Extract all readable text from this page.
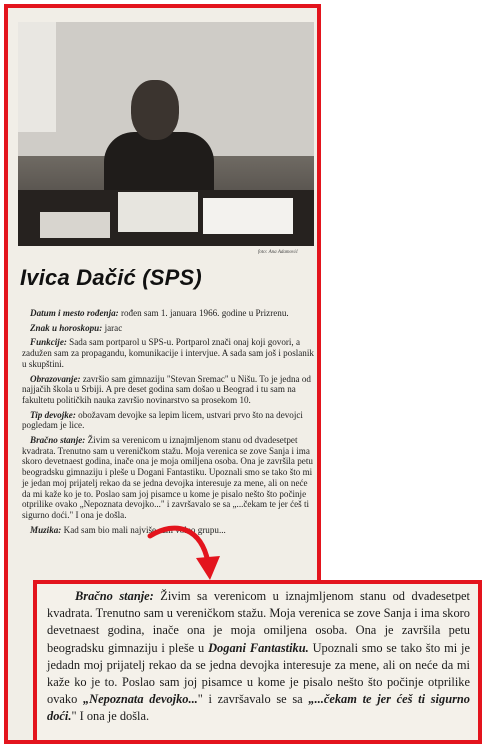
foto: Ana Adamović
Ivica Dačić (SPS)

Datum i mesto rođenja: rođen sam 1. januara 1966. godine u Prizrenu.

Znak u horoskopu: jarac

Funkcije: Sada sam portparol u SPS-u. Portparol znači onaj koji govori, a zadužen sam za propagandu, komunikacije i intervjue. A sada sam još i poslanik u skupštini.

Obrazovanje: završio sam gimnaziju "Stevan Sremac" u Nišu. To je jedna od najjačih škola u Srbiji. A pre deset godina sam došao u Beograd i tu sam na fakultetu političkih nauka završio novinarstvo sa prosekom 10.

Tip devojke: obožavam devojke sa lepim licem, ustvari prvo što na devojci pogledam je lice.

Bračno stanje: Živim sa verenicom u iznajmljenom stanu od dvadesetpet kvadrata. Trenutno sam u vereničkom stažu. Moja verenica se zove Sanja i ima skoro devetnaest godina, inače ona je moja omiljena osoba. Ona je završila petu beogradsku gimnaziju i pleše u Dogani Fantastiku. Upoznali smo se tako što mi je jedan moj prijatelj rekao da se jedna devojka interesuje za mene, ali on neće da mi kaže ko je to. Poslao sam joj pisamce u kome je pisalo nešto što počinje otprilike ovako „Nepoznata devojko..." i završavalo se sa „...čekam te jer ćeš ti sigurno doći." I ona je došla.

Muzika: Kad sam bio mali najviše sam voleo grupu...

Bračno stanje: Živim sa verenicom u iznajmljenom stanu od dvadesetpet kvadrata. Trenutno sam u vereničkom stažu. Moja verenica se zove Sanja i ima skoro devetnaest godina, inače ona je moja omiljena osoba. Ona je završila petu beogradsku gimnaziju i pleše u Dogani Fantastiku. Upoznali smo se tako što mi je jedadn moj prijatelj rekao da se jedna devojka interesuje za mene, ali on neće da mi kaže ko je to. Poslao sam joj pisamce u kome je pisalo nešto što počinje otprilike ovako „Nepoznata devojko..." i završavalo se sa „...čekam te jer ćeš ti sigurno doći." I ona je došla.
